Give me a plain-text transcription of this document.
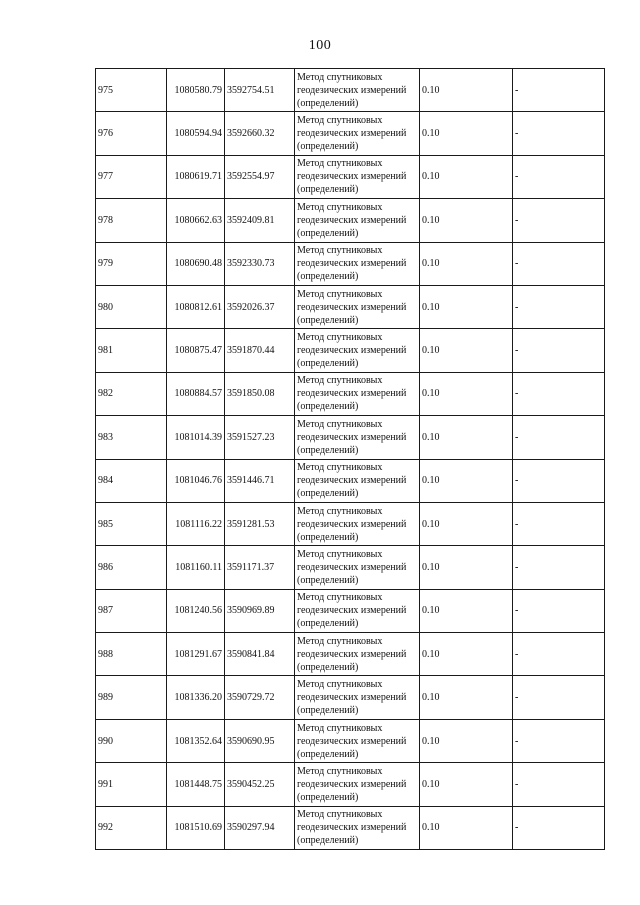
100
975	1080580.79	3592754.51	Метод спутниковых
геодезических измерений
(определений)	0.10	-
976	1080594.94	3592660.32	Метод спутниковых
геодезических измерений
(определений)	0.10	-
977	1080619.71	3592554.97	Метод спутниковых
геодезических измерений
(определений)	0.10	-
978	1080662.63	3592409.81	Метод спутниковых
геодезических измерений
(определений)	0.10	-
979	1080690.48	3592330.73	Метод спутниковых
геодезических измерений
(определений)	0.10	-
980	1080812.61	3592026.37	Метод спутниковых
геодезических измерений
(определений)	0.10	-
981	1080875.47	3591870.44	Метод спутниковых
геодезических измерений
(определений)	0.10	-
982	1080884.57	3591850.08	Метод спутниковых
геодезических измерений
(определений)	0.10	-
983	1081014.39	3591527.23	Метод спутниковых
геодезических измерений
(определений)	0.10	-
984	1081046.76	3591446.71	Метод спутниковых
геодезических измерений
(определений)	0.10	-
985	1081116.22	3591281.53	Метод спутниковых
геодезических измерений
(определений)	0.10	-
986	1081160.11	3591171.37	Метод спутниковых
геодезических измерений
(определений)	0.10	-
987	1081240.56	3590969.89	Метод спутниковых
геодезических измерений
(определений)	0.10	-
988	1081291.67	3590841.84	Метод спутниковых
геодезических измерений
(определений)	0.10	-
989	1081336.20	3590729.72	Метод спутниковых
геодезических измерений
(определений)	0.10	-
990	1081352.64	3590690.95	Метод спутниковых
геодезических измерений
(определений)	0.10	-
991	1081448.75	3590452.25	Метод спутниковых
геодезических измерений
(определений)	0.10	-
992	1081510.69	3590297.94	Метод спутниковых
геодезических измерений
(определений)	0.10	-
